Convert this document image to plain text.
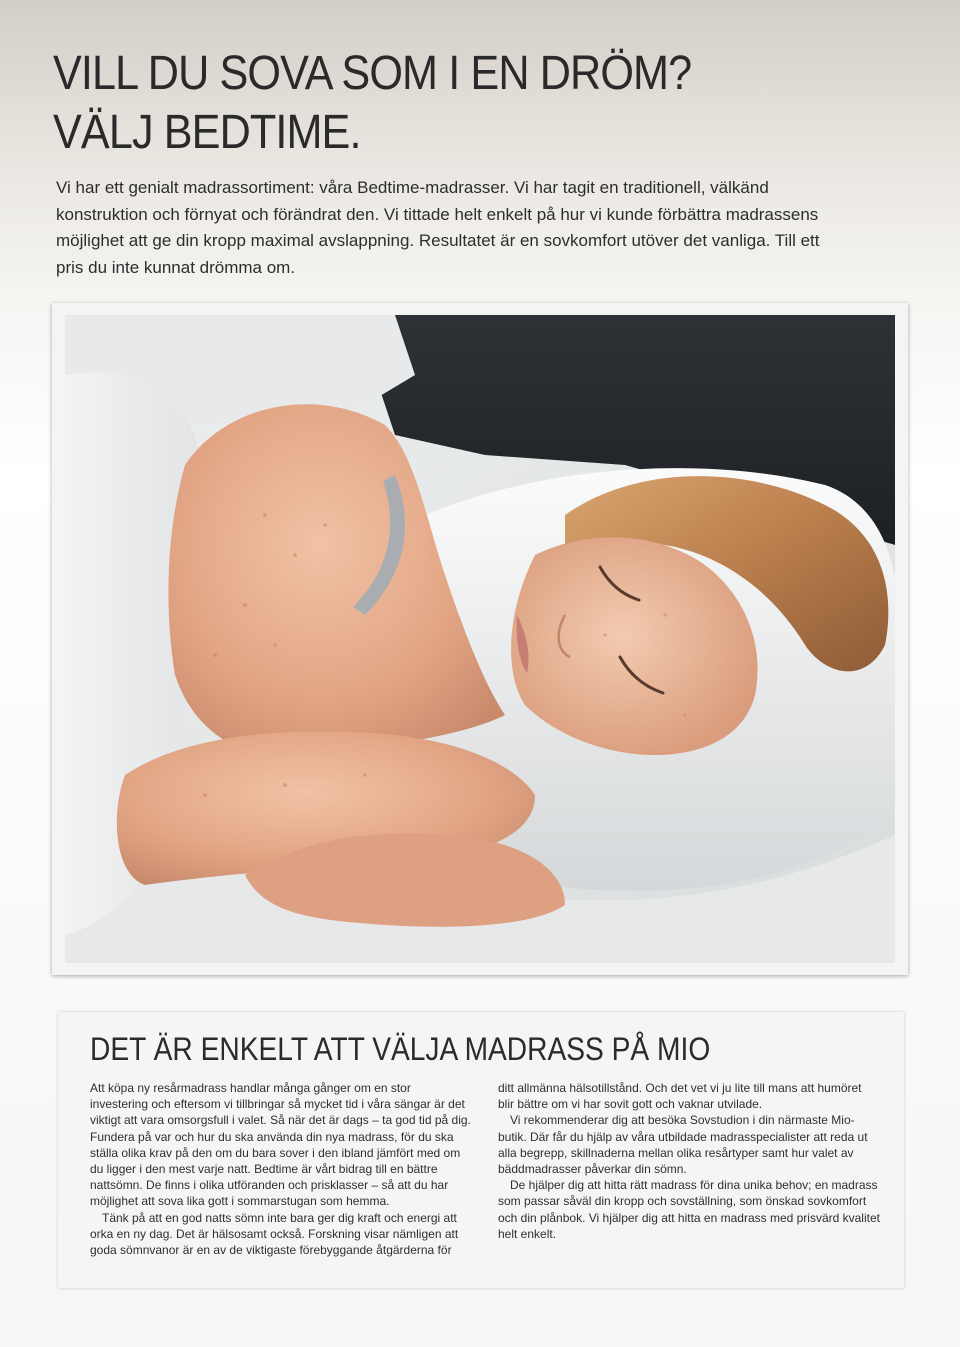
VILL DU SOVA SOM I EN DRÖM?
VÄLJ BEDTIME.

Vi har ett genialt madrassortiment: våra Bedtime-madrasser. Vi har tagit en traditionell, välkänd konstruktion och förnyat och förändrat den. Vi tittade helt enkelt på hur vi kunde förbättra madrassens möjlighet att ge din kropp maximal avslappning. Resultatet är en sovkomfort utöver det vanliga. Till ett pris du inte kunnat drömma om.

DET ÄR ENKELT ATT VÄLJA MADRASS PÅ MIO

Att köpa ny resårmadrass handlar många gånger om en stor investering och eftersom vi tillbringar så mycket tid i våra sängar är det viktigt att vara omsorgsfull i valet. Så när det är dags – ta god tid på dig. Fundera på var och hur du ska använda din nya madrass, för du ska ställa olika krav på den om du bara sover i den ibland jämfört med om du ligger i den mest varje natt. Bedtime är vårt bidrag till en bättre nattsömn. De finns i olika utföranden och prisklasser – så att du har möjlighet att sova lika gott i sommarstugan som hemma.

Tänk på att en god natts sömn inte bara ger dig kraft och energi att orka en ny dag. Det är hälsosamt också. Forskning visar nämligen att goda sömnvanor är en av de viktigaste förebyggande åtgärderna för

ditt allmänna hälsotillstånd. Och det vet vi ju lite till mans att humöret blir bättre om vi har sovit gott och vaknar utvilade.

Vi rekommenderar dig att besöka Sovstudion i din närmaste Mio-butik. Där får du hjälp av våra utbildade madrasspecialister att reda ut alla begrepp, skillnaderna mellan olika resårtyper samt hur valet av bäddmadrasser påverkar din sömn.

De hjälper dig att hitta rätt madrass för dina unika behov; en madrass som passar såväl din kropp och sovställning, som önskad sovkomfort och din plånbok. Vi hjälper dig att hitta en madrass med prisvärd kvalitet helt enkelt.
